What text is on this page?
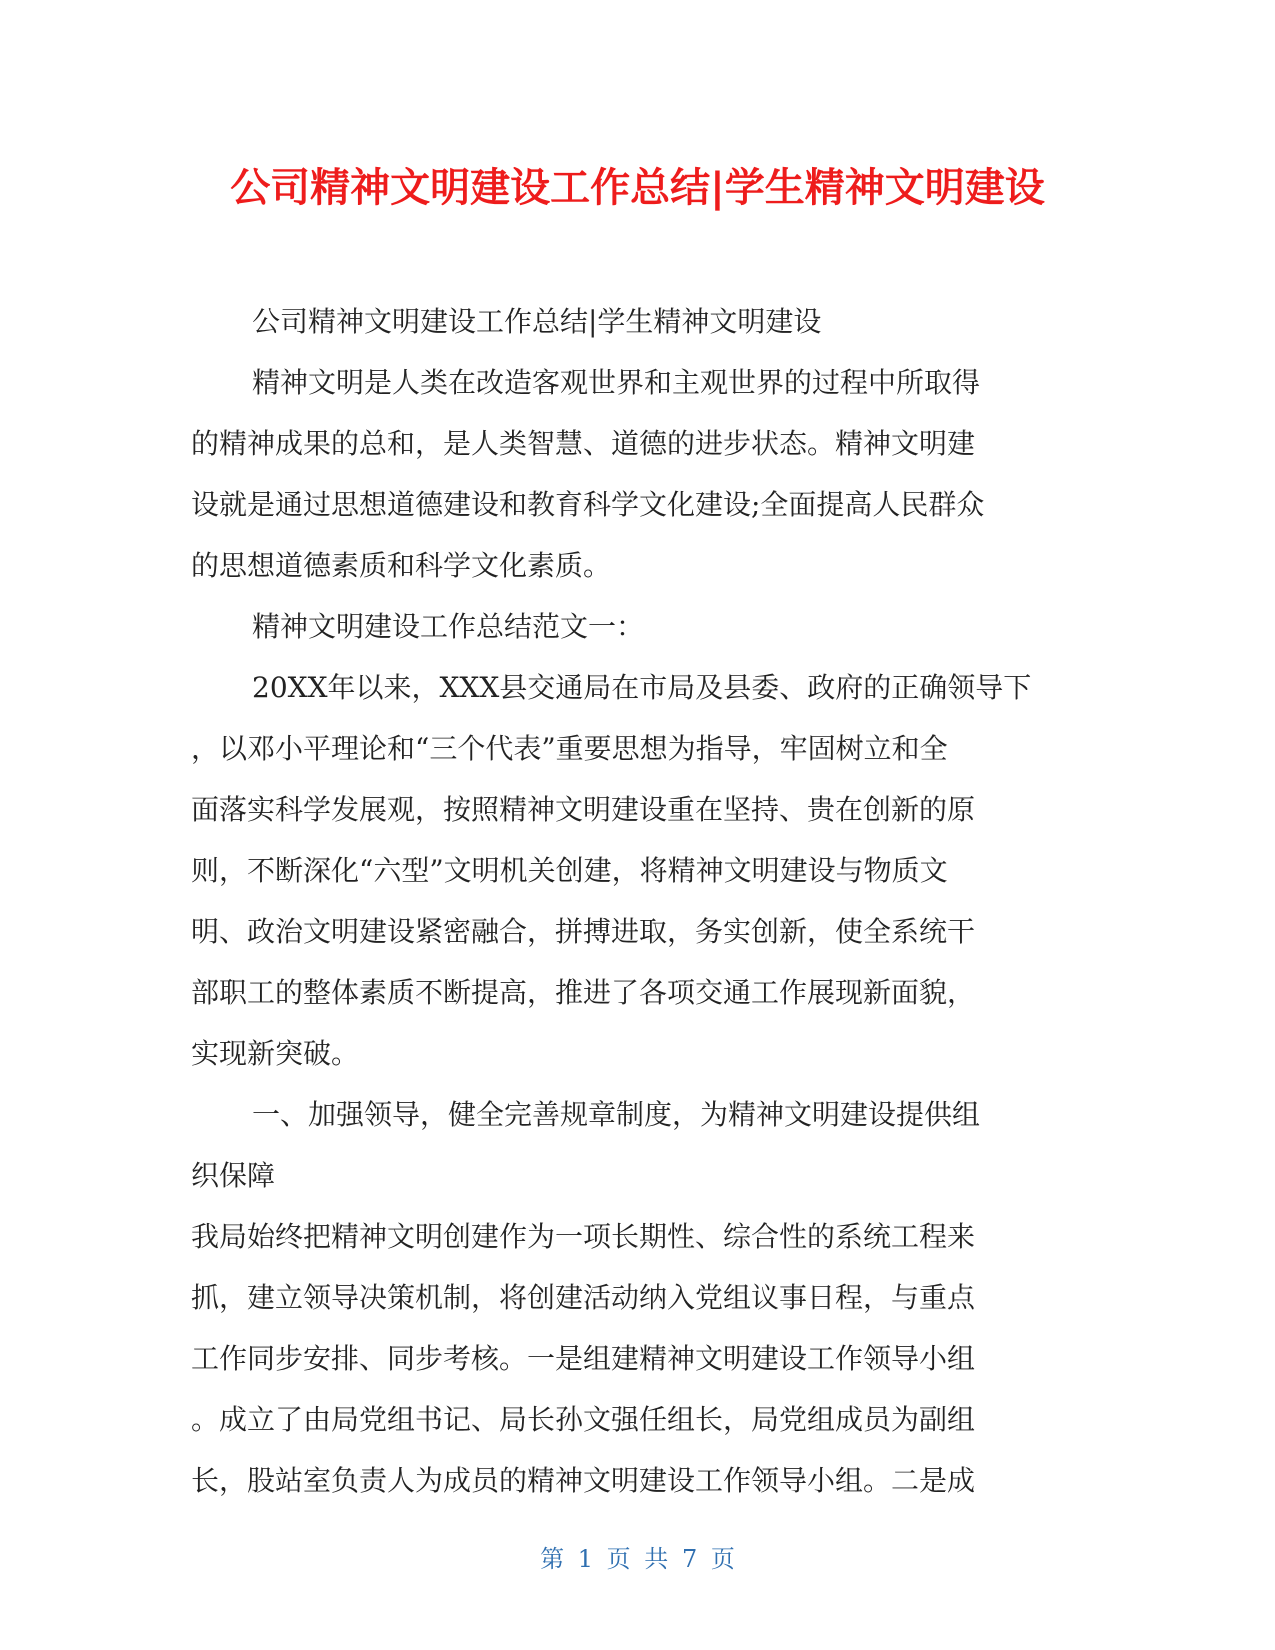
公司精神文明建设工作总结|学生精神文明建设
公司精神文明建设工作总结|学生精神文明建设
精神文明是人类在改造客观世界和主观世界的过程中所取得
的精神成果的总和，是人类智慧、道德的进步状态。精神文明建
设就是通过思想道德建设和教育科学文化建设;全面提高人民群众
的思想道德素质和科学文化素质。
精神文明建设工作总结范文一：
20XX年以来，XXX县交通局在市局及县委、政府的正确领导下
，以邓小平理论和“三个代表”重要思想为指导，牢固树立和全
面落实科学发展观，按照精神文明建设重在坚持、贵在创新的原
则，不断深化“六型”文明机关创建，将精神文明建设与物质文
明、政治文明建设紧密融合，拼搏进取，务实创新，使全系统干
部职工的整体素质不断提高，推进了各项交通工作展现新面貌，
实现新突破。
一、加强领导，健全完善规章制度，为精神文明建设提供组
织保障
我局始终把精神文明创建作为一项长期性、综合性的系统工程来
抓，建立领导决策机制，将创建活动纳入党组议事日程，与重点
工作同步安排、同步考核。一是组建精神文明建设工作领导小组
。成立了由局党组书记、局长孙文强任组长，局党组成员为副组
长，股站室负责人为成员的精神文明建设工作领导小组。二是成
第 1 页 共 7 页
